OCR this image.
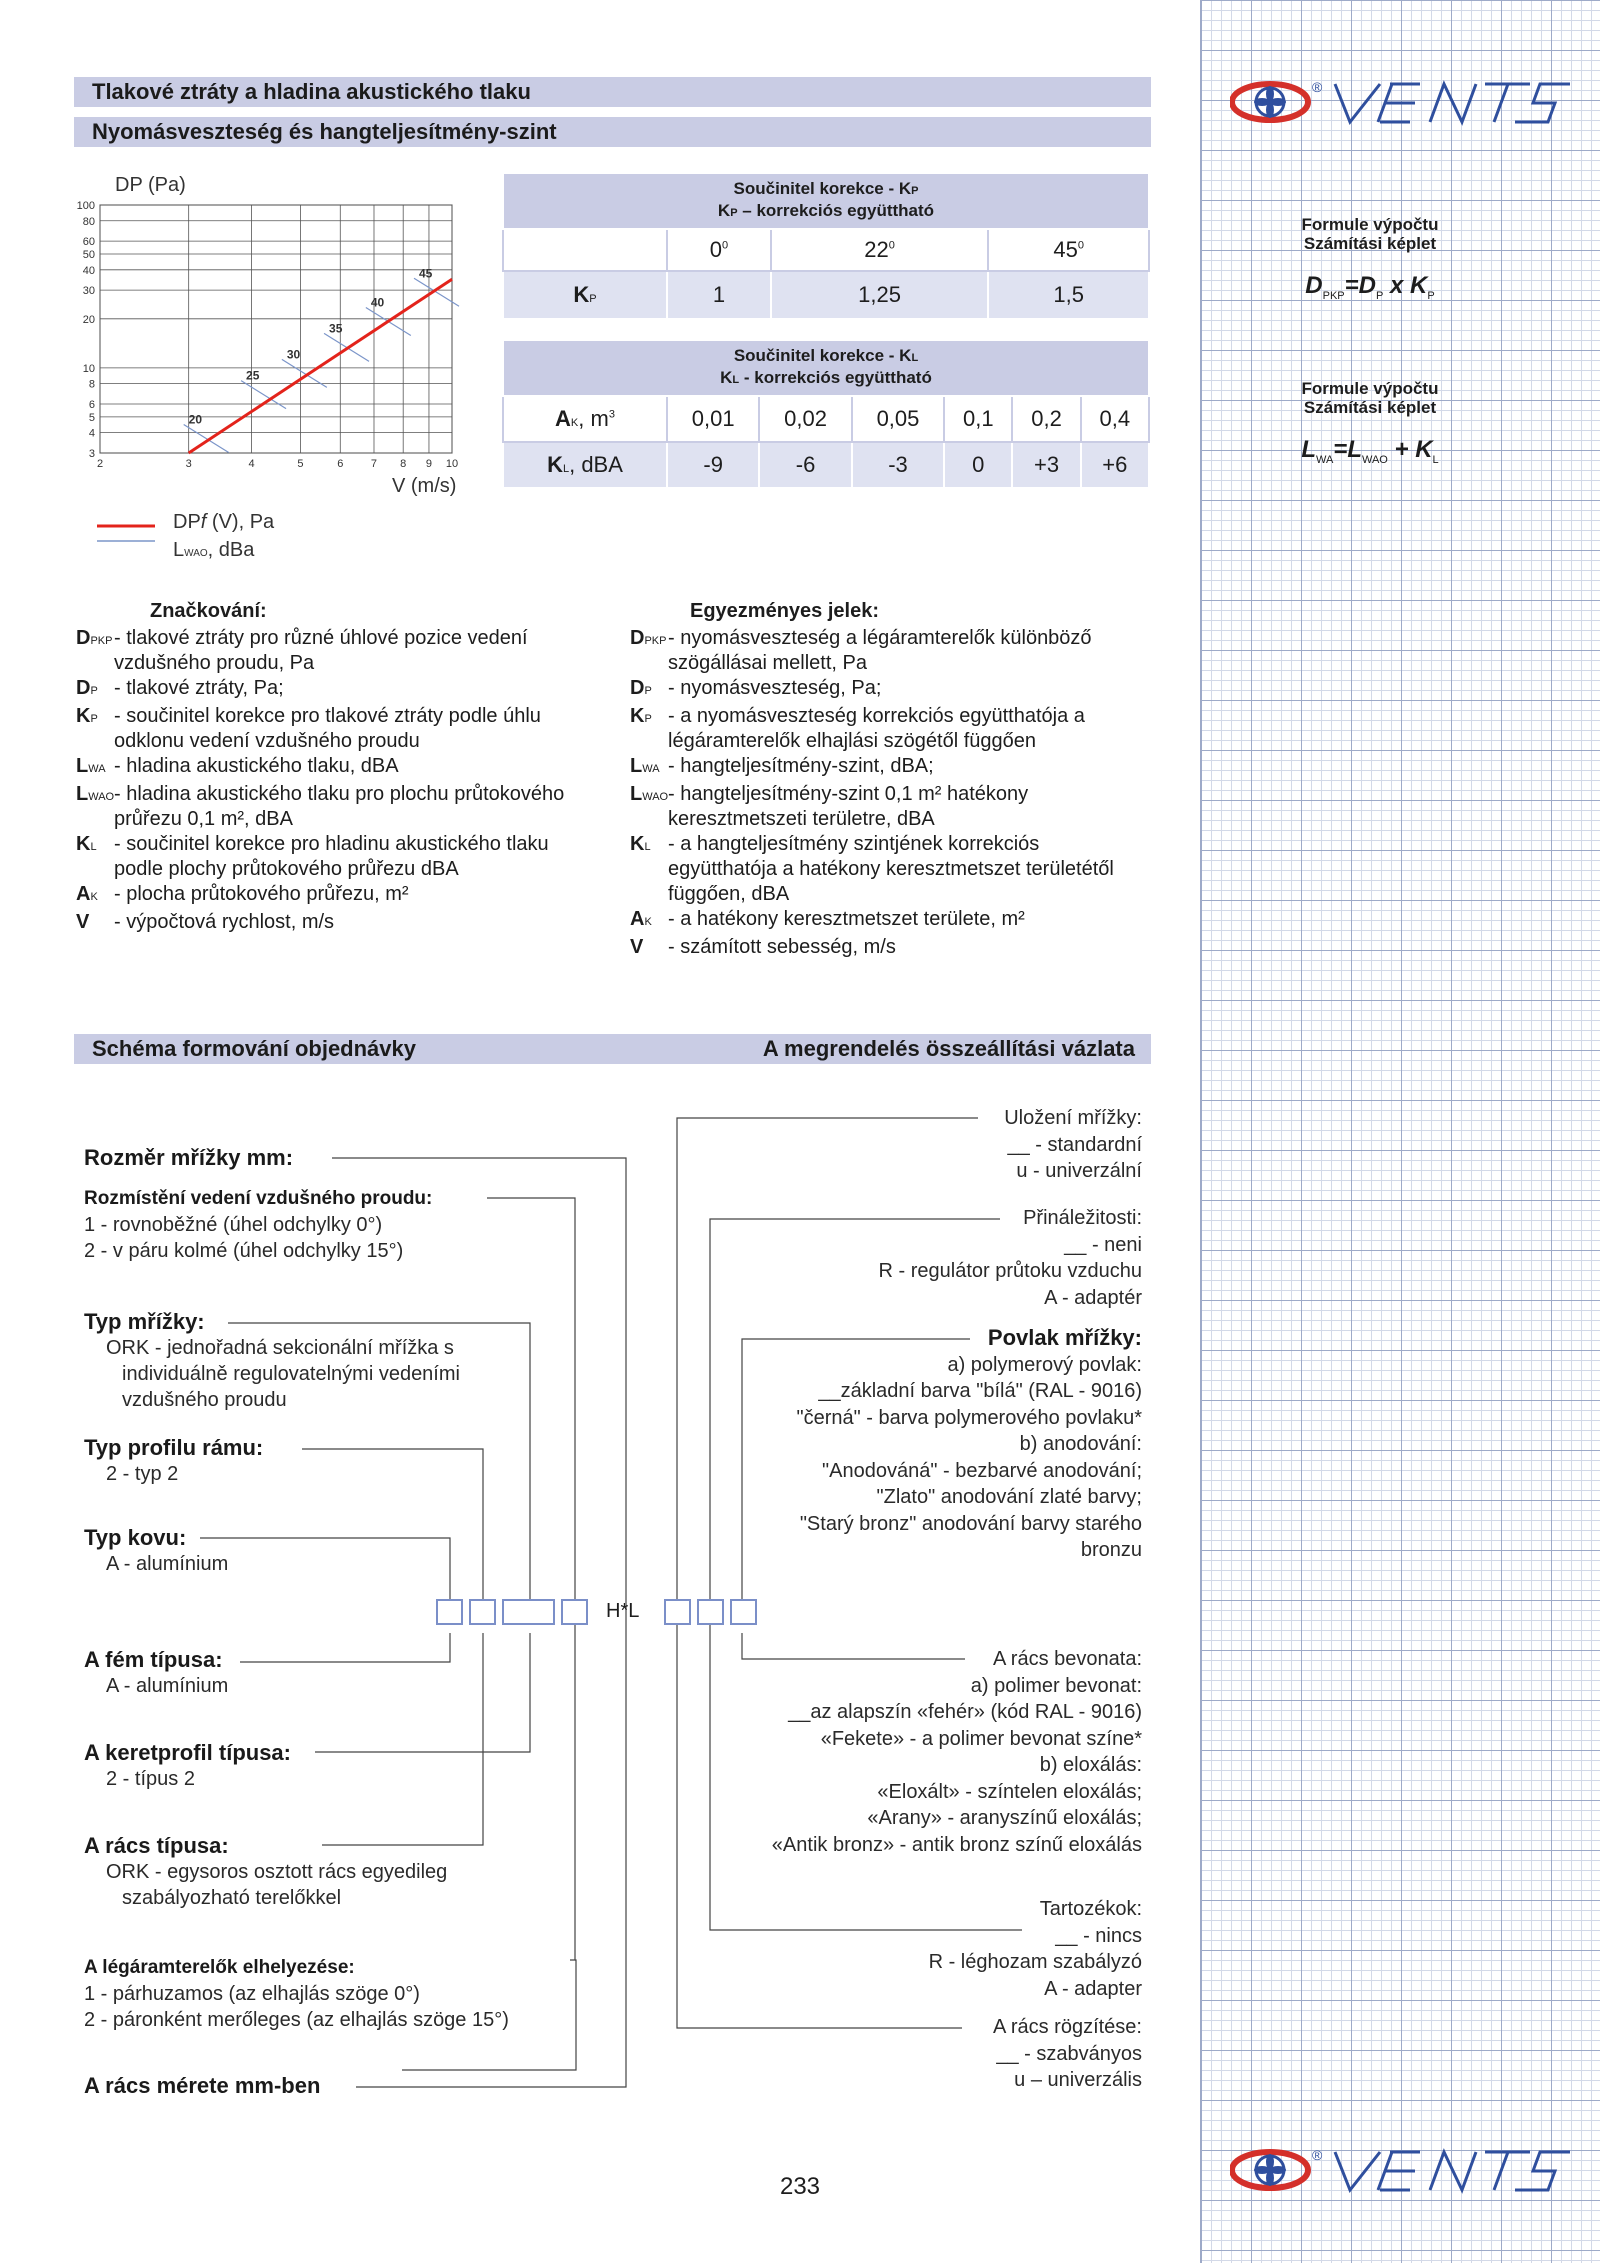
®
®
Formule výpočtu
Számítási képlet
$D_{PKP}=D_P$ x $K_P$
Formule výpočtu
Számítási képlet
$L_{WA}=L_{WAO} + K_L$
Tlakové ztráty a hladina akustického tlaku
Nyomásveszteség és hangteljesítmény-szint
DP (Pa)
V (m/s)
2	3	4	5	6	7 8 9 10
3
4
5
6
8
10
20
30
40
50
60
80
100
20
25
30
35
40
45
DPf (V), Pa
LWAO, dBa
Součinitel korekce - KP
KP – korrekciós együttható			

	$0^0$	$22^0$	$45^0$
KP	1	1,25	1,5
Součinitel korekce - KL
KL - korrekciós együttható						

AK, $m^3$	0,01	0,02	0,05	0,1	0,2	0,4
KL, dBA	-9	-6	-3	0	+3	+6
Značkování:
DPKP - tlakové ztráty pro různé úhlové pozice vedení vzdušného proudu, Pa
DP - tlakové ztráty, Pa;
KP - součinitel korekce pro tlakové ztráty podle úhlu odklonu vedení vzdušného proudu
LWA - hladina akustického tlaku, dBA
LWAO - hladina akustického tlaku pro plochu průtokového průřezu 0,1 m², dBA
KL - součinitel korekce pro hladinu akustického tlaku podle plochy průtokového průřezu dBA
AK - plocha průtokového průřezu, m²
V	- výpočtová rychlost, m/s
Egyezményes jelek:
DPKP - nyomásveszteség a légáramterelők különböző szögállásai mellett, Pa
DP - nyomásveszteség, Pa;
KP - a nyomásveszteség korrekciós együtthatója a légáramterelők elhajlási szögétől függően
LWA - hangteljesítmény-szint, dBA;
LWAO - hangteljesítmény-szint 0,1 m² hatékony keresztmetszeti területre, dBA
KL - a hangteljesítmény szintjének korrekciós együtthatója a hatékony keresztmetszet területétől függően, dBA
AK - a hatékony keresztmetszet területe, m²
V	- számított sebesség, m/s
Schéma formování objednávky	A megrendelés összeállítási vázlata
H*L
Rozměr mřížky mm:
Rozmístění vedení vzdušného proudu:
1 - rovnoběžné (úhel odchylky 0°)
2 - v páru kolmé (úhel odchylky 15°)
Typ mřížky:
ORK - jednořadná sekcionální mřížka s
individuálně regulovatelnými vedeními
vzdušného proudu
Typ profilu rámu:
2 - typ 2
Typ kovu:
A - alumínium
A fém típusa:
A - alumínium
A keretprofil típusa:
2 - típus 2
A rács típusa:
ORK - egysoros osztott rács egyedileg
szabályozható terelőkkel
A légáramterelők elhelyezése:
1 - párhuzamos (az elhajlás szöge 0°)
2 - páronként merőleges (az elhajlás szöge 15°)
A rács mérete mm-ben
Uložení mřížky:
__ - standardní
u - univerzální
Přináležitosti:
__ - neni
R - regulátor průtoku vzduchu
A - adaptér
Povlak mřížky:
a) polymerový povlak:
__základní barva "bílá" (RAL - 9016)
"černá" - barva polymerového povlaku*
b) anodování:
"Anodováná" - bezbarvé anodování;
"Zlato" anodování zlaté barvy;
"Starý bronz" anodování barvy starého
bronzu
A rács bevonata:
a) polimer bevonat:
__az alapszín «fehér» (kód RAL - 9016)
«Fekete» - a polimer bevonat színe*
b) eloxálás:
«Eloxált» - színtelen eloxálás;
«Arany» - aranyszínű eloxálás;
«Antik bronz» - antik bronz színű eloxálás
Tartozékok:
__ - nincs
R - léghozam szabályzó
A - adapter
A rács rögzítése:
__ - szabványos
u – univerzális
233
